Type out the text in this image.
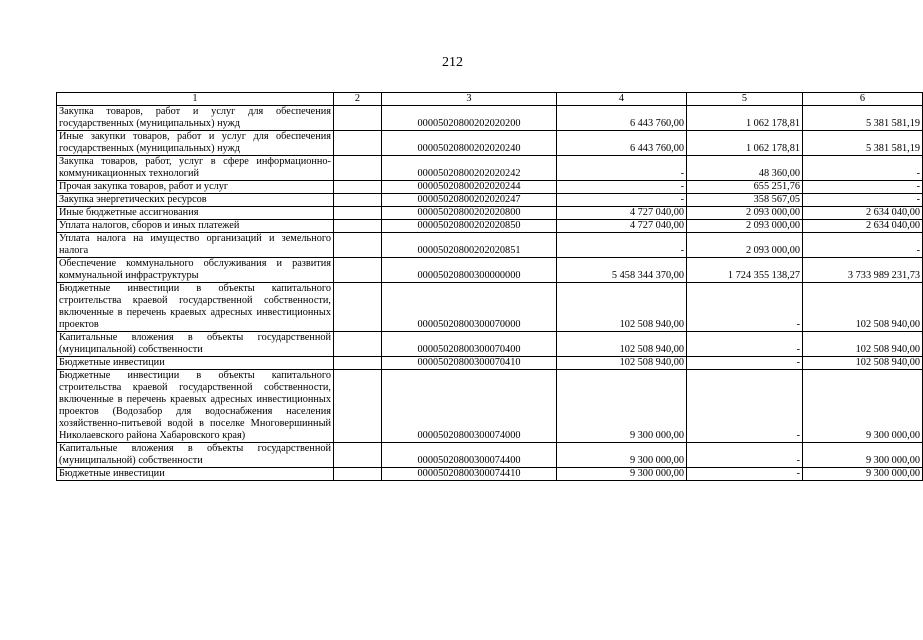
212
1	2	3	4	5	6
Закупка товаров, работ и услуг для обеспечения государственных (муниципальных) нужд		00005020800202020200	6 443 760,00	1 062 178,81	5 381 581,19
Иные закупки товаров, работ и услуг для обеспечения государственных (муниципальных) нужд		00005020800202020240	6 443 760,00	1 062 178,81	5 381 581,19
Закупка товаров, работ, услуг в сфере информационно-коммуникационных технологий		00005020800202020242	-	48 360,00	-
Прочая закупка товаров, работ и услуг		00005020800202020244	-	655 251,76	-
Закупка энергетических ресурсов		00005020800202020247	-	358 567,05	-
Иные бюджетные ассигнования		00005020800202020800	4 727 040,00	2 093 000,00	2 634 040,00
Уплата налогов, сборов и иных платежей		00005020800202020850	4 727 040,00	2 093 000,00	2 634 040,00
Уплата налога на имущество организаций и земельного налога		00005020800202020851	-	2 093 000,00	-
Обеспечение коммунального обслуживания и развития коммунальной инфраструктуры		00005020800300000000	5 458 344 370,00	1 724 355 138,27	3 733 989 231,73
Бюджетные инвестиции в объекты капитального строительства краевой государственной собственности, включенные в перечень краевых адресных инвестиционных проектов		00005020800300070000	102 508 940,00	-	102 508 940,00
Капитальные вложения в объекты государственной (муниципальной) собственности		00005020800300070400	102 508 940,00	-	102 508 940,00
Бюджетные инвестиции		00005020800300070410	102 508 940,00	-	102 508 940,00
Бюджетные инвестиции в объекты капитального строительства краевой государственной собственности, включенные в перечень краевых адресных инвестиционных проектов (Водозабор для водоснабжения населения хозяйственно-питьевой водой в поселке Многовершинный Николаевского района Хабаровского края)		00005020800300074000	9 300 000,00	-	9 300 000,00
Капитальные вложения в объекты государственной (муниципальной) собственности		00005020800300074400	9 300 000,00	-	9 300 000,00
Бюджетные инвестиции		00005020800300074410	9 300 000,00	-	9 300 000,00
